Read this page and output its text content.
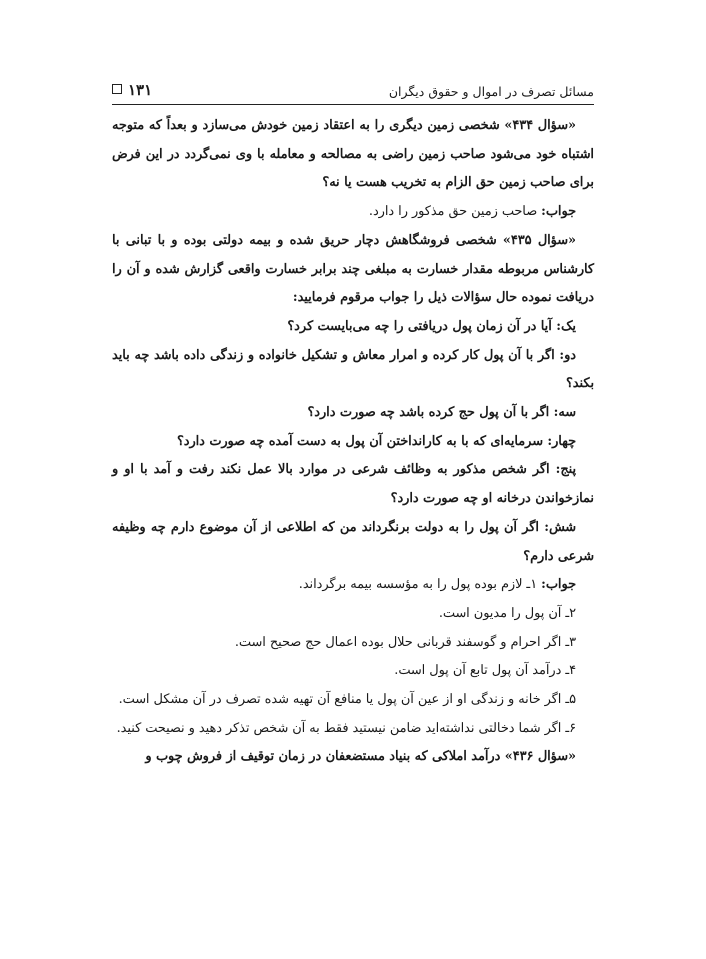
مسائل تصرف در اموال و حقوق دیگران
۱۳۱

«سؤال ۴۳۴» شخصی زمین دیگری را به اعتقاد زمین خودش می‌سازد و بعداً که متوجه اشتباه خود می‌شود صاحب زمین راضی به مصالحه و معامله با وی نمی‌گردد در این فرض برای صاحب زمین حق الزام به تخریب هست یا نه؟

جواب: صاحب زمین حق مذکور را دارد.

«سؤال ۴۳۵» شخصی فروشگاهش دچار حریق شده و بیمه دولتی بوده و با تبانی با کارشناس مربوطه مقدار خسارت به مبلغی چند برابر خسارت واقعی گزارش شده و آن را دریافت نموده حال سؤالات ذیل را جواب مرقوم فرمایید:

یک: آیا در آن زمان پول دریافتی را چه می‌بایست کرد؟

دو: اگر با آن پول کار کرده و امرار معاش و تشکیل خانواده و زندگی داده باشد چه باید بکند؟

سه: اگر با آن پول حج کرده باشد چه صورت دارد؟

چهار: سرمایه‌ای که با به کارانداختن آن پول به دست آمده چه صورت دارد؟

پنج: اگر شخص مذکور به وظائف شرعی در موارد بالا عمل نکند رفت و آمد با او و نمازخواندن درخانه او چه صورت دارد؟

شش: اگر آن پول را به دولت برنگرداند من که اطلاعی از آن موضوع دارم چه وظیفه شرعی دارم؟

جواب: ۱ـ لازم بوده پول را به مؤسسه بیمه برگرداند.

۲ـ آن پول را مدیون است.

۳ـ اگر احرام و گوسفند قربانی حلال بوده اعمال حج صحیح است.

۴ـ درآمد آن پول تابع آن پول است.

۵ـ اگر خانه و زندگی او از عین آن پول یا منافع آن تهیه شده تصرف در آن مشکل است.

۶ـ اگر شما دخالتی نداشته‌اید ضامن نیستید فقط به آن شخص تذکر دهید و نصیحت کنید.

«سؤال ۴۳۶» درآمد املاکی که بنیاد مستضعفان در زمان توقیف از فروش چوب و
